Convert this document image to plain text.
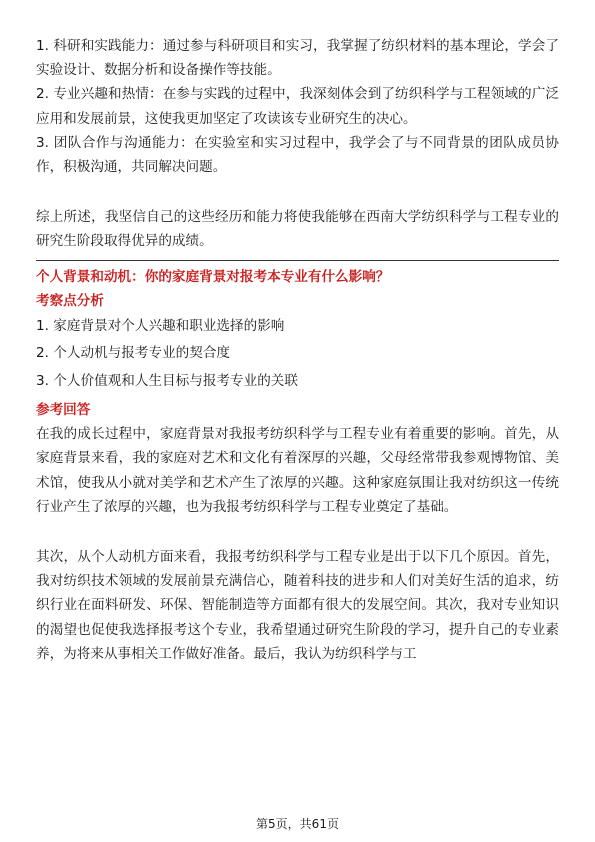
1. 科研和实践能力：通过参与科研项目和实习，我掌握了纺织材料的基本理论，学会了实验设计、数据分析和设备操作等技能。

2. 专业兴趣和热情：在参与实践的过程中，我深刻体会到了纺织科学与工程领域的广泛应用和发展前景，这使我更加坚定了攻读该专业研究生的决心。

3. 团队合作与沟通能力：在实验室和实习过程中，我学会了与不同背景的团队成员协作，积极沟通，共同解决问题。

综上所述，我坚信自己的这些经历和能力将使我能够在西南大学纺织科学与工程专业的研究生阶段取得优异的成绩。

个人背景和动机：你的家庭背景对报考本专业有什么影响？
考察点分析
1. 家庭背景对个人兴趣和职业选择的影响
2. 个人动机与报考专业的契合度
3. 个人价值观和人生目标与报考专业的关联
参考回答

在我的成长过程中，家庭背景对我报考纺织科学与工程专业有着重要的影响。首先，从家庭背景来看，我的家庭对艺术和文化有着深厚的兴趣，父母经常带我参观博物馆、美术馆，使我从小就对美学和艺术产生了浓厚的兴趣。这种家庭氛围让我对纺织这一传统行业产生了浓厚的兴趣，也为我报考纺织科学与工程专业奠定了基础。

其次，从个人动机方面来看，我报考纺织科学与工程专业是出于以下几个原因。首先，我对纺织技术领域的发展前景充满信心，随着科技的进步和人们对美好生活的追求，纺织行业在面料研发、环保、智能制造等方面都有很大的发展空间。其次，我对专业知识的渴望也促使我选择报考这个专业，我希望通过研究生阶段的学习，提升自己的专业素养，为将来从事相关工作做好准备。最后，我认为纺织科学与工

第5页，共61页
